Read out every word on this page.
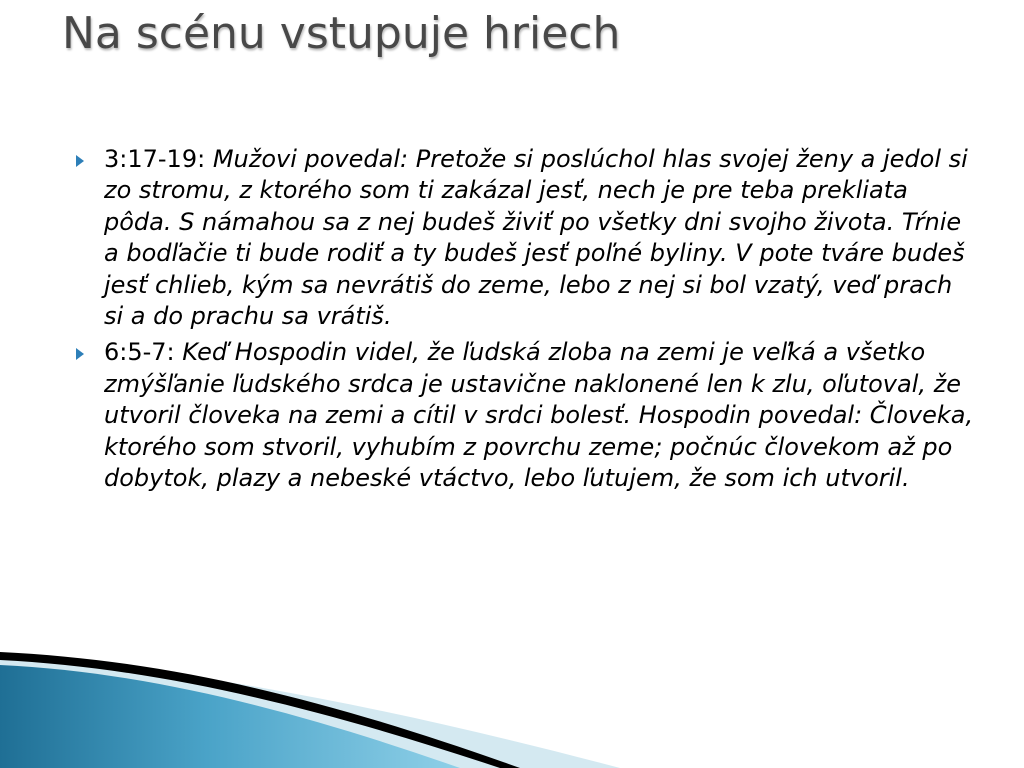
Na scénu vstupuje hriech
3:17-19: Mužovi povedal: Pretože si poslúchol hlas svojej ženy a jedol si zo stromu, z ktorého som ti zakázal jesť, nech je pre teba prekliata pôda. S námahou sa z nej budeš živiť po všetky dni svojho života. Tŕnie a bodľačie ti bude rodiť a ty budeš jesť poľné byliny. V pote tváre budeš jesť chlieb, kým sa nevrátiš do zeme, lebo z nej si bol vzatý, veď prach si a do prachu sa vrátiš.
6:5-7: Keď Hospodin videl, že ľudská zloba na zemi je veľká a všetko zmýšľanie ľudského srdca je ustavične naklonené len k zlu, oľutoval, že utvoril človeka na zemi a cítil v srdci bolesť. Hospodin povedal: Človeka, ktorého som stvoril, vyhubím z povrchu zeme; počnúc človekom až po dobytok, plazy a nebeské vtáctvo, lebo ľutujem, že som ich utvoril.
